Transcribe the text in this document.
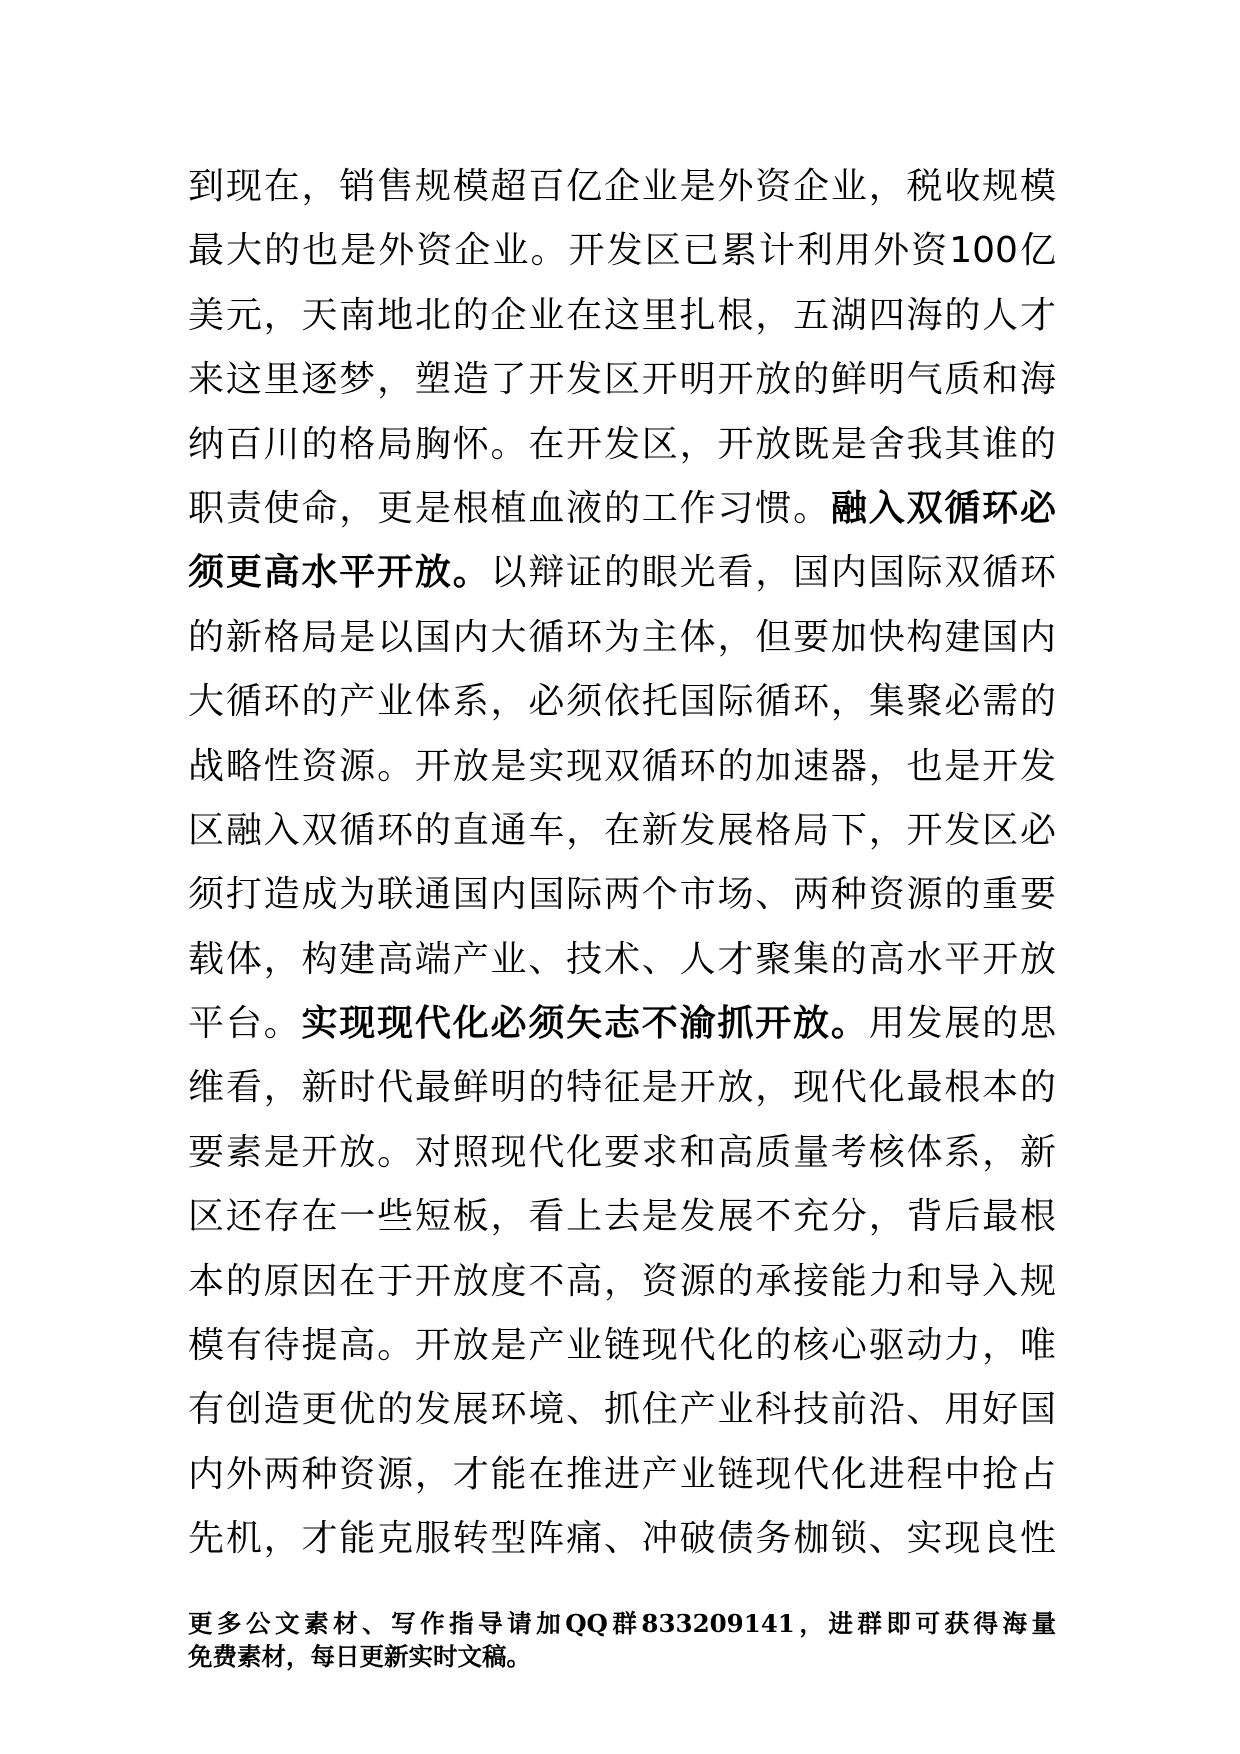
到现在，销售规模超百亿企业是外资企业，税收规模
最大的也是外资企业。开发区已累计利用外资100亿
美元，天南地北的企业在这里扎根，五湖四海的人才
来这里逐梦，塑造了开发区开明开放的鲜明气质和海
纳百川的格局胸怀。在开发区，开放既是舍我其谁的
职责使命，更是根植血液的工作习惯。融入双循环必
须更高水平开放。以辩证的眼光看，国内国际双循环
的新格局是以国内大循环为主体，但要加快构建国内
大循环的产业体系，必须依托国际循环，集聚必需的
战略性资源。开放是实现双循环的加速器，也是开发
区融入双循环的直通车，在新发展格局下，开发区必
须打造成为联通国内国际两个市场、两种资源的重要
载体，构建高端产业、技术、人才聚集的高水平开放
平台。实现现代化必须矢志不渝抓开放。用发展的思
维看，新时代最鲜明的特征是开放，现代化最根本的
要素是开放。对照现代化要求和高质量考核体系，新
区还存在一些短板，看上去是发展不充分，背后最根
本的原因在于开放度不高，资源的承接能力和导入规
模有待提高。开放是产业链现代化的核心驱动力，唯
有创造更优的发展环境、抓住产业科技前沿、用好国
内外两种资源，才能在推进产业链现代化进程中抢占
先机，才能克服转型阵痛、冲破债务枷锁、实现良性
更多公文素材、写作指导请加QQ群833209141，进群即可获得海量
免费素材，每日更新实时文稿。
